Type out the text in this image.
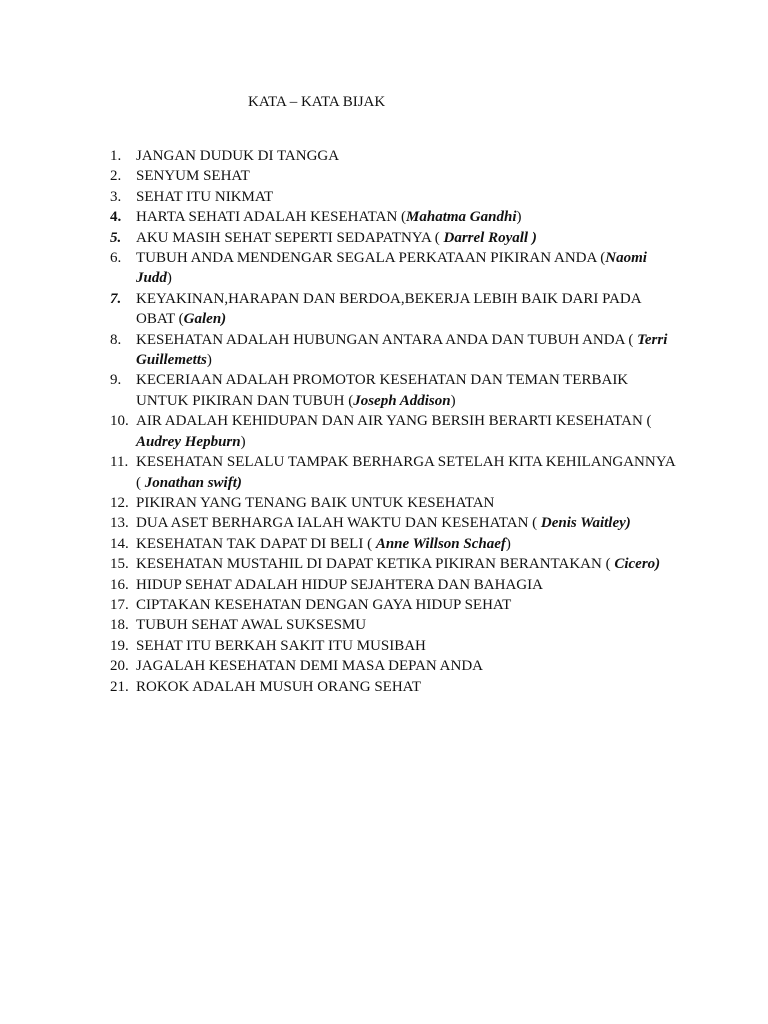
KATA – KATA BIJAK
1. JANGAN DUDUK DI TANGGA
2. SENYUM SEHAT
3. SEHAT ITU NIKMAT
4. HARTA SEHATI ADALAH KESEHATAN (Mahatma Gandhi)
5. AKU MASIH SEHAT SEPERTI SEDAPATNYA ( Darrel Royall )
6. TUBUH ANDA MENDENGAR SEGALA PERKATAAN PIKIRAN ANDA (Naomi Judd)
7. KEYAKINAN,HARAPAN DAN BERDOA,BEKERJA LEBIH BAIK DARI PADA OBAT (Galen)
8. KESEHATAN ADALAH HUBUNGAN ANTARA ANDA DAN TUBUH ANDA ( Terri Guillemetts)
9. KECERIAAN ADALAH PROMOTOR KESEHATAN DAN TEMAN TERBAIK UNTUK PIKIRAN DAN TUBUH (Joseph Addison)
10. AIR ADALAH KEHIDUPAN DAN AIR YANG BERSIH BERARTI KESEHATAN ( Audrey Hepburn)
11. KESEHATAN SELALU TAMPAK BERHARGA SETELAH KITA KEHILANGANNYA ( Jonathan swift)
12. PIKIRAN YANG TENANG BAIK UNTUK KESEHATAN
13. DUA ASET BERHARGA IALAH WAKTU DAN KESEHATAN ( Denis Waitley)
14. KESEHATAN TAK DAPAT DI BELI ( Anne Willson Schaef)
15. KESEHATAN MUSTAHIL DI DAPAT KETIKA PIKIRAN BERANTAKAN ( Cicero)
16. HIDUP SEHAT ADALAH HIDUP SEJAHTERA DAN BAHAGIA
17. CIPTAKAN KESEHATAN DENGAN GAYA HIDUP SEHAT
18. TUBUH SEHAT AWAL SUKSESMU
19. SEHAT ITU BERKAH SAKIT ITU MUSIBAH
20. JAGALAH KESEHATAN DEMI MASA DEPAN ANDA
21. ROKOK ADALAH MUSUH ORANG SEHAT
